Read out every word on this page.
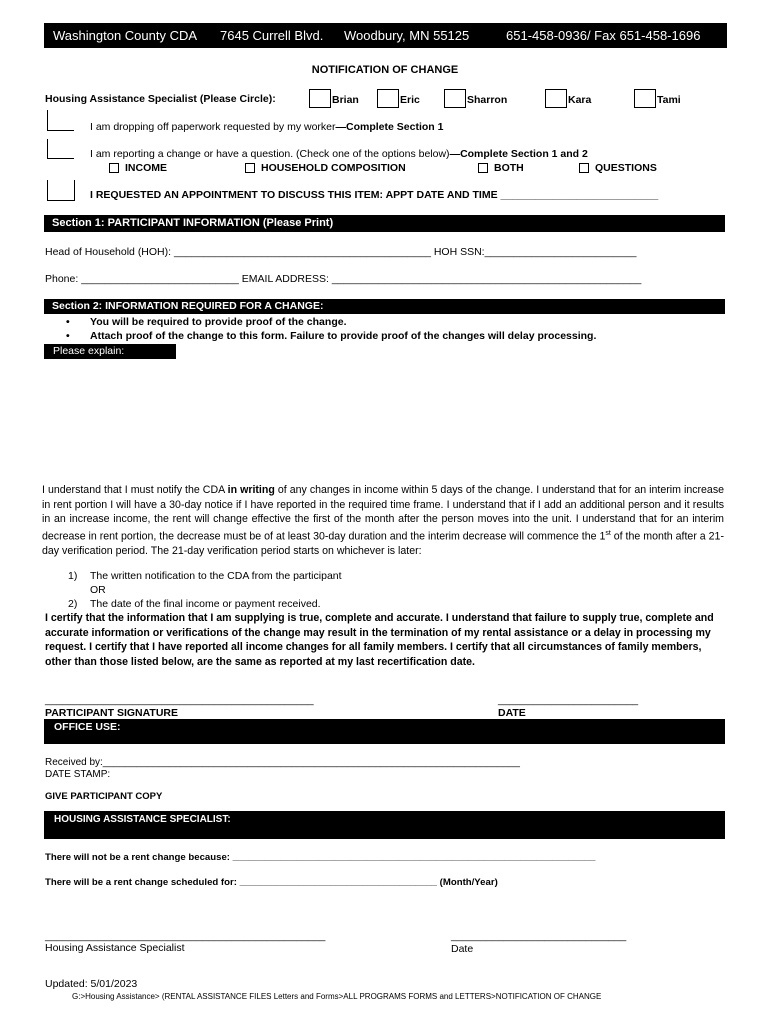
Washington County CDA 7645 Currell Blvd. Woodbury, MN 55125	651-458-0936/ Fax 651-458-1696
NOTIFICATION OF CHANGE
Housing Assistance Specialist (Please Circle):	Brian	Eric	Sharron	Kara	Tami
I am dropping off paperwork requested by my worker—Complete Section 1
I am reporting a change or have a question. (Check one of the options below)—Complete Section 1 and 2
INCOME	HOUSEHOLD COMPOSITION	BOTH	QUESTIONS
I REQUESTED AN APPOINTMENT TO DISCUSS THIS ITEM: APPT DATE AND TIME ___________________________
Section 1: PARTICIPANT INFORMATION (Please Print)
Head of Household (HOH): ____________________________________________ HOH SSN:__________________________
Phone: ___________________________ EMAIL ADDRESS: _____________________________________________________
Section 2: INFORMATION REQUIRED FOR A CHANGE:
• You will be required to provide proof of the change.
• Attach proof of the change to this form. Failure to provide proof of the changes will delay processing.
Please explain:
I understand that I must notify the CDA in writing of any changes in income within 5 days of the change. I understand that for an interim increase in rent portion I will have a 30-day notice if I have reported in the required time frame. I understand that if I add an additional person and it results in an increase income, the rent will change effective the first of the month after the person moves into the unit. I understand that for an interim decrease in rent portion, the decrease must be of at least 30-day duration and the interim decrease will commence the 1st of the month after a 21-day verification period. The 21-day verification period starts on whichever is later:
1) The written notification to the CDA from the participant
OR
2) The date of the final income or payment received.
I certify that the information that I am supplying is true, complete and accurate. I understand that failure to supply true, complete and accurate information or verifications of the change may result in the termination of my rental assistance or a delay in processing my request. I certify that I have reported all income changes for all family members. I certify that all circumstances of family members, other than those listed below, are the same as reported at my last recertification date.
______________________________________________	________________________
PARTICIPANT SIGNATURE	DATE
OFFICE USE:
Received by:___________________________________________________________________________
DATE STAMP:
GIVE PARTICIPANT COPY
HOUSING ASSISTANCE SPECIALIST:
There will not be a rent change because: ____________________________________________________________________
There will be a rent change scheduled for: _____________________________________ (Month/Year)
________________________________________________	______________________________
Housing Assistance Specialist	Date
Updated: 5/01/2023
G:>Housing Assistance> (RENTAL ASSISTANCE FILES Letters and Forms>ALL PROGRAMS FORMS and LETTERS>NOTIFICATION OF CHANGE
